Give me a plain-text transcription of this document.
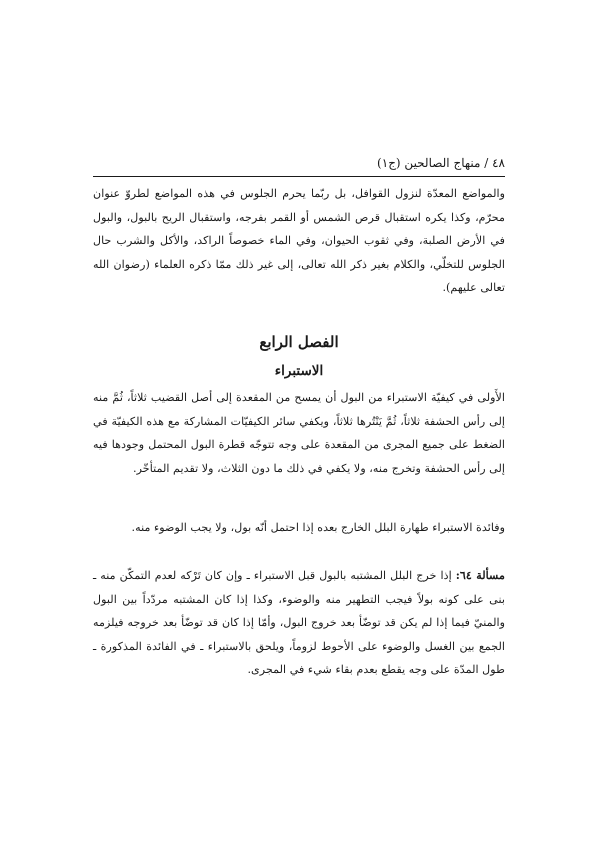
٤٨ / منهاج الصالحين (ج١)

والمواضع المعدّة لنزول القوافل، بل ربّما يحرم الجلوس في هذه المواضع لطروّ عنوان محرّم، وكذا يكره استقبال قرص الشمس أو القمر بفرجه، واستقبال الريح بالبول، والبول في الأرض الصلبة، وفي ثقوب الحيوان، وفي الماء خصوصاً الراكد، والأكل والشرب حال الجلوس للتخلّي، والكلام بغير ذكر الله تعالى، إلى غير ذلك ممّا ذكره العلماء (رضوان الله تعالى عليهم).

الفصل الرابع
الاستبراء

الأَولى في كيفيّة الاستبراء من البول أن يمسح من المقعدة إلى أصل القضيب ثلاثاً، ثُمَّ منه إلى رأس الحشفة ثلاثاً، ثُمَّ يَنْتُرها ثلاثاً، ويكفي سائر الكيفيّات المشاركة مع هذه الكيفيّة في الضغط على جميع المجرى من المقعدة على وجه تتوجّه قطرة البول المحتمل وجودها فيه إلى رأس الحشفة وتخرج منه، ولا يكفي في ذلك ما دون الثلاث، ولا تقديم المتأخّر.

وفائدة الاستبراء طهارة البلل الخارج بعده إذا احتمل أنّه بول، ولا يجب الوضوء منه.

مسألة ٦٤: إذا خرج البلل المشتبه بالبول قبل الاستبراء ـ وإن كان تَرْكه لعدم التمكّن منه ـ بنى على كونه بولاً فيجب التطهير منه والوضوء، وكذا إذا كان المشتبه مردّداً بين البول والمنيّ فيما إذا لم يكن قد توضّأ بعد خروج البول، وأمّا إذا كان قد توضّأ بعد خروجه فيلزمه الجمع بين الغسل والوضوء على الأحوط لزوماً، ويلحق بالاستبراء ـ في الفائدة المذكورة ـ طول المدّة على وجه يقطع بعدم بقاء شيء في المجرى.
